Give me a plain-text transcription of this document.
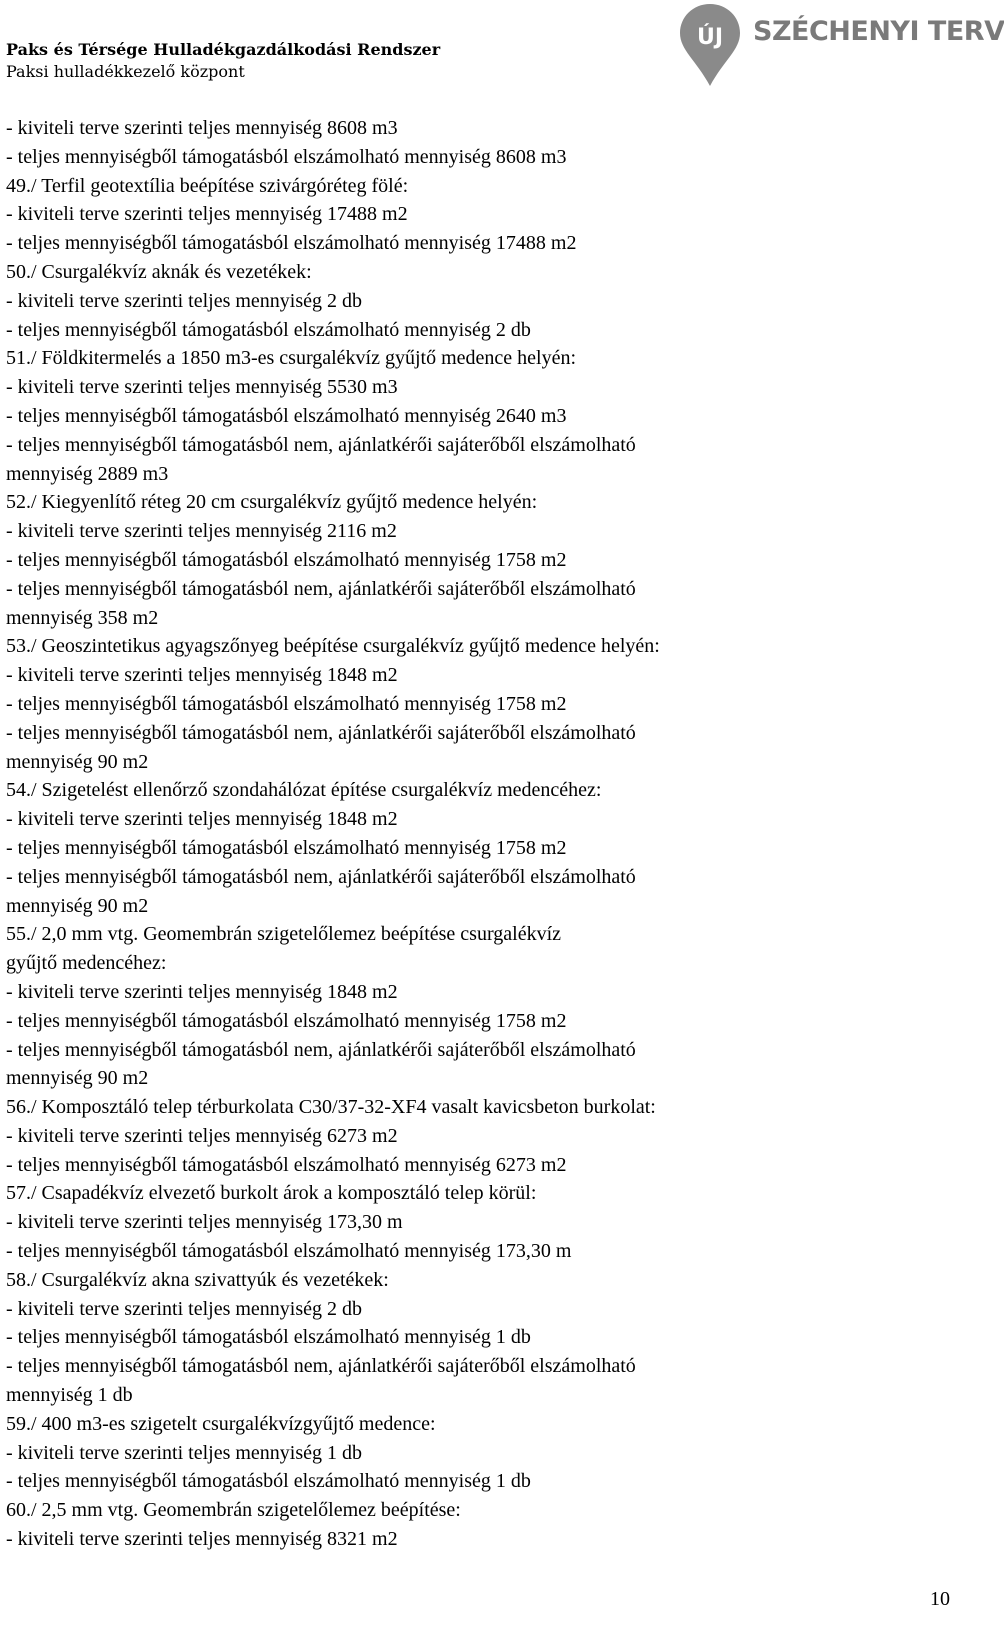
Paks és Térsége Hulladékgazdálkodási Rendszer
Paksi hulladékkezelő központ
ÚJ SZÉCHENYI TERV
- kiviteli terve szerinti teljes mennyiség 8608 m3
- teljes mennyiségből támogatásból elszámolható mennyiség 8608 m3
49./ Terfil geotextília beépítése szivárgóréteg fölé:
- kiviteli terve szerinti teljes mennyiség 17488 m2
- teljes mennyiségből támogatásból elszámolható mennyiség 17488 m2
50./ Csurgalékvíz aknák és vezetékek:
- kiviteli terve szerinti teljes mennyiség 2 db
- teljes mennyiségből támogatásból elszámolható mennyiség 2 db
51./ Földkitermelés a 1850 m3-es csurgalékvíz gyűjtő medence helyén:
- kiviteli terve szerinti teljes mennyiség 5530 m3
- teljes mennyiségből támogatásból elszámolható mennyiség 2640 m3
- teljes mennyiségből támogatásból nem, ajánlatkérői sajáterőből elszámolható
mennyiség 2889 m3
52./ Kiegyenlítő réteg 20 cm csurgalékvíz gyűjtő medence helyén:
- kiviteli terve szerinti teljes mennyiség 2116 m2
- teljes mennyiségből támogatásból elszámolható mennyiség 1758 m2
- teljes mennyiségből támogatásból nem, ajánlatkérői sajáterőből elszámolható
mennyiség 358 m2
53./ Geoszintetikus agyagszőnyeg beépítése csurgalékvíz gyűjtő medence helyén:
- kiviteli terve szerinti teljes mennyiség 1848 m2
- teljes mennyiségből támogatásból elszámolható mennyiség 1758 m2
- teljes mennyiségből támogatásból nem, ajánlatkérői sajáterőből elszámolható
mennyiség 90 m2
54./ Szigetelést ellenőrző szondahálózat építése csurgalékvíz medencéhez:
- kiviteli terve szerinti teljes mennyiség 1848 m2
- teljes mennyiségből támogatásból elszámolható mennyiség 1758 m2
- teljes mennyiségből támogatásból nem, ajánlatkérői sajáterőből elszámolható
mennyiség 90 m2
55./ 2,0 mm vtg. Geomembrán szigetelőlemez beépítése csurgalékvíz
gyűjtő medencéhez:
- kiviteli terve szerinti teljes mennyiség 1848 m2
- teljes mennyiségből támogatásból elszámolható mennyiség 1758 m2
- teljes mennyiségből támogatásból nem, ajánlatkérői sajáterőből elszámolható
mennyiség 90 m2
56./ Komposztáló telep térburkolata C30/37-32-XF4 vasalt kavicsbeton burkolat:
- kiviteli terve szerinti teljes mennyiség 6273 m2
- teljes mennyiségből támogatásból elszámolható mennyiség 6273 m2
57./ Csapadékvíz elvezető burkolt árok a komposztáló telep körül:
- kiviteli terve szerinti teljes mennyiség 173,30 m
- teljes mennyiségből támogatásból elszámolható mennyiség 173,30 m
58./ Csurgalékvíz akna szivattyúk és vezetékek:
- kiviteli terve szerinti teljes mennyiség 2 db
- teljes mennyiségből támogatásból elszámolható mennyiség 1 db
- teljes mennyiségből támogatásból nem, ajánlatkérői sajáterőből elszámolható
mennyiség 1 db
59./ 400 m3-es szigetelt csurgalékvízgyűjtő medence:
- kiviteli terve szerinti teljes mennyiség 1 db
- teljes mennyiségből támogatásból elszámolható mennyiség 1 db
60./ 2,5 mm vtg. Geomembrán szigetelőlemez beépítése:
- kiviteli terve szerinti teljes mennyiség 8321 m2
10
